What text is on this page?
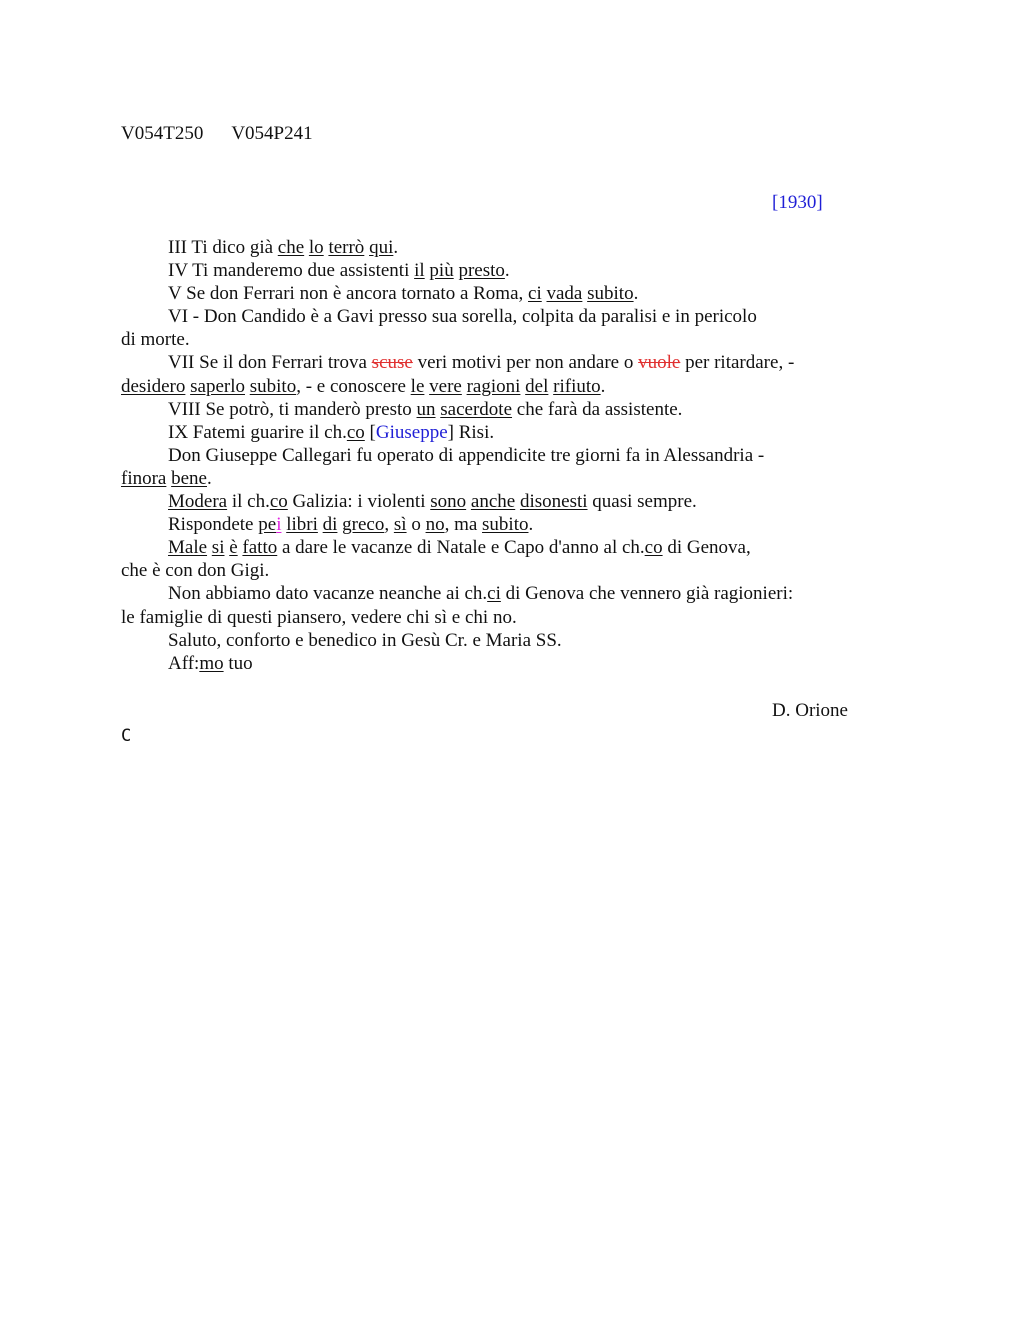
V054T250 V054P241
[1930]
III Ti dico già che lo terrò qui.
IV Ti manderemo due assistenti il più presto.
V Se don Ferrari non è ancora tornato a Roma, ci vada subito.
VI - Don Candido è a Gavi presso sua sorella, colpita da paralisi e in pericolo
di morte.
VII Se il don Ferrari trova scuse veri motivi per non andare o vuole per ritardare, -
desidero saperlo subito, - e conoscere le vere ragioni del rifiuto.
VIII Se potrò, ti manderò presto un sacerdote che farà da assistente.
IX Fatemi guarire il ch.co [Giuseppe] Risi.
Don Giuseppe Callegari fu operato di appendicite tre giorni fa in Alessandria -
finora bene.
Modera il ch.co Galizia: i violenti sono anche disonesti quasi sempre.
Rispondete pei libri di greco, sì o no, ma subito.
Male si è fatto a dare le vacanze di Natale e Capo d'anno al ch.co di Genova,
che è con don Gigi.
Non abbiamo dato vacanze neanche ai ch.ci di Genova che vennero già ragionieri:
le famiglie di questi piansero, vedere chi sì e chi no.
Saluto, conforto e benedico in Gesù Cr. e Maria SS.
Aff:mo tuo
D. Orione
C
